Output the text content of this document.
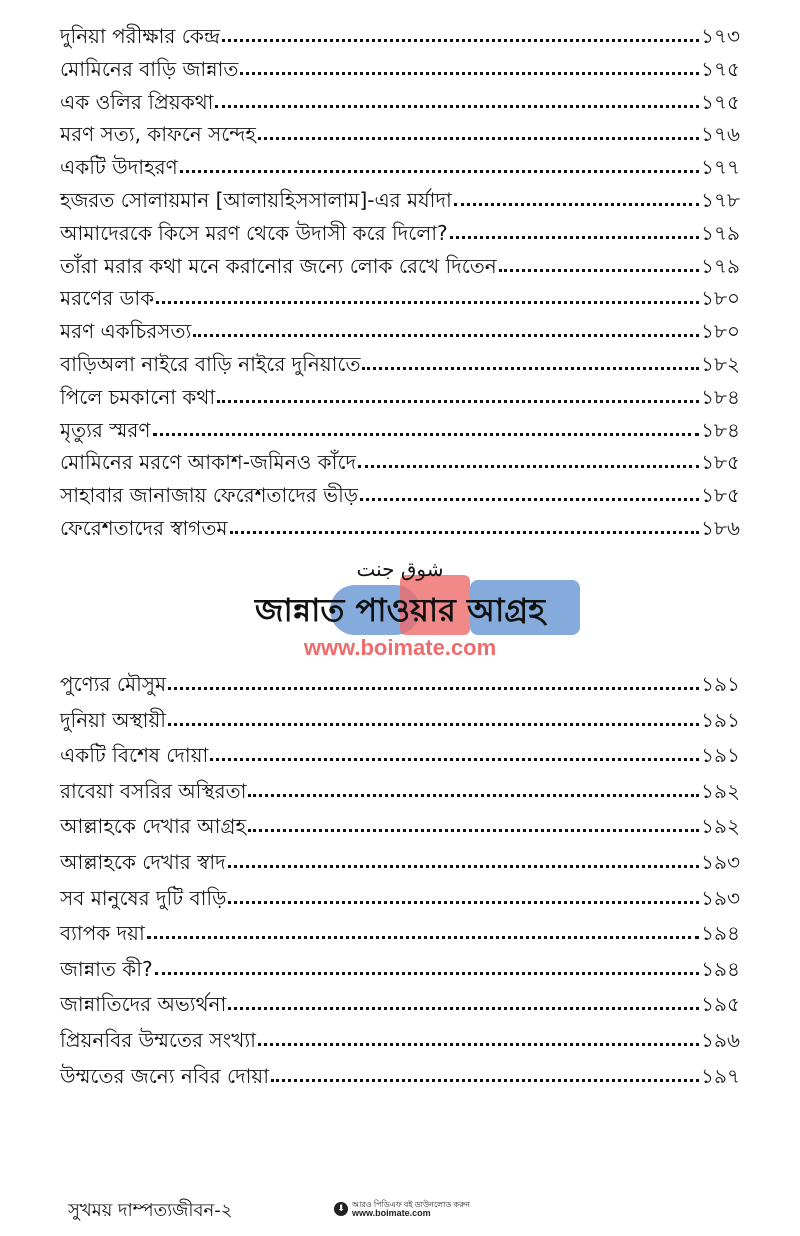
দুনিয়া পরীক্ষার কেন্দ্র	১৭৩
মোমিনের বাড়ি জান্নাত	১৭৫
এক ওলির প্রিয়কথা	১৭৫
মরণ সত্য, কাফনে সন্দেহ	১৭৬
একটি উদাহরণ	১৭৭
হজরত সোলায়মান [আলায়হিসসালাম]-এর মর্যাদা	১৭৮
আমাদেরকে কিসে মরণ থেকে উদাসী করে দিলো?	১৭৯
তাঁরা মরার কথা মনে করানোর জন্যে লোক রেখে দিতেন	১৭৯
মরণের ডাক	১৮০
মরণ একচিরসত্য	১৮০
বাড়িঅলা নাইরে বাড়ি নাইরে দুনিয়াতে	১৮২
পিলে চমকানো কথা	১৮৪
মৃত্যুর স্মরণ	১৮৪
মোমিনের মরণে আকাশ-জমিনও কাঁদে	১৮৫
সাহাবার জানাজায় ফেরেশতাদের ভীড়	১৮৫
ফেরেশতাদের স্বাগতম	১৮৬
شوق جنت
জান্নাত পাওয়ার আগ্রহ
www.boimate.com
পুণ্যের মৌসুম	১৯১
দুনিয়া অস্থায়ী	১৯১
একটি বিশেষ দোয়া	১৯১
রাবেয়া বসরির অস্থিরতা	১৯২
আল্লাহকে দেখার আগ্রহ	১৯২
আল্লাহকে দেখার স্বাদ	১৯৩
সব মানুষের দুটি বাড়ি	১৯৩
ব্যাপক দয়া	১৯৪
জান্নাত কী?	১৯৪
জান্নাতিদের অভ্যর্থনা	১৯৫
প্রিয়নবির উম্মতের সংখ্যা	১৯৬
উম্মতের জন্যে নবির দোয়া	১৯৭
সুখময় দাম্পত্যজীবন-২	⬇ আরও পিডিএফ বই ডাউনলোড করুন
www.boimate.com
